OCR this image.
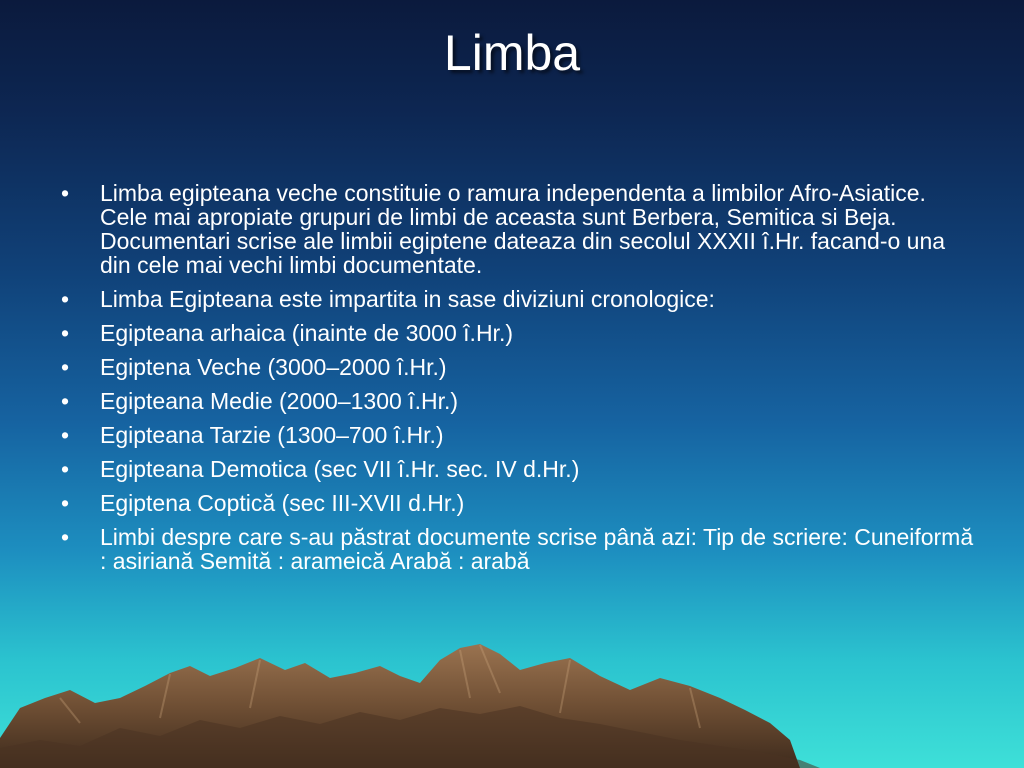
Limba
• Limba egipteana veche constituie o ramura independenta a limbilor Afro-Asiatice. Cele mai apropiate grupuri de limbi de aceasta sunt Berbera, Semitica si Beja. Documentari scrise ale limbii egiptene dateaza din secolul XXXII î.Hr. facand-o una din cele mai vechi limbi documentate.
• Limba Egipteana este impartita in sase diviziuni cronologice:
• Egipteana arhaica (inainte de 3000 î.Hr.)
• Egiptena Veche (3000–2000 î.Hr.)
• Egipteana Medie (2000–1300 î.Hr.)
• Egipteana Tarzie (1300–700 î.Hr.)
• Egipteana Demotica (sec VII î.Hr. sec. IV d.Hr.)
• Egiptena Coptică (sec III-XVII d.Hr.)
• Limbi despre care s-au păstrat documente scrise până azi: Tip de scriere: Cuneiformă : asiriană Semită : arameică Arabă : arabă
